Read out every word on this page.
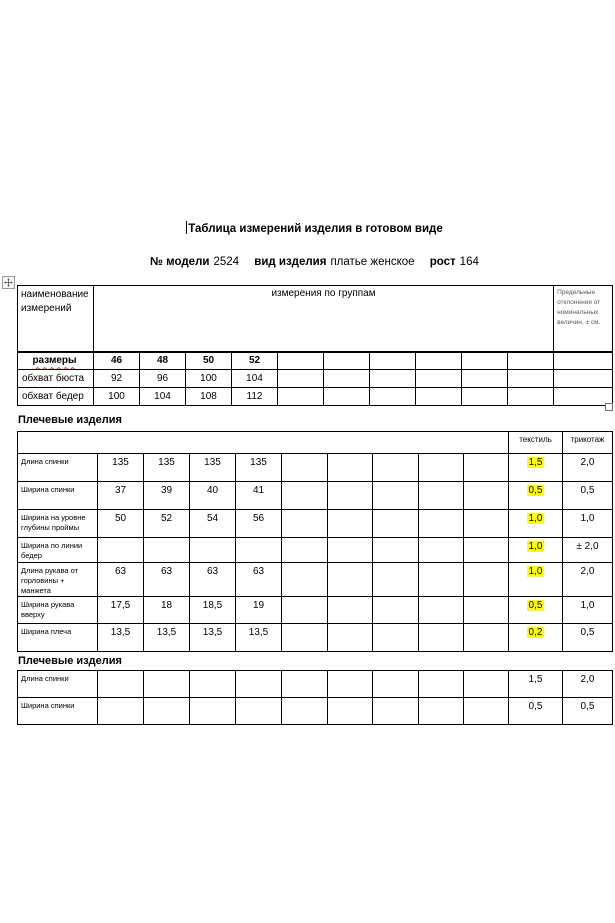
Таблица измерений изделия в готовом виде
№ модели 2524 вид изделия платье женское рост 164
наименование измерений	измерения по группам										Предельные отклонения от номинальных величин, ± см.
размеры	46	48	50	52							
обхват бюста	92	96	100	104							
обхват бедер	100	104	108	112							
Плечевые изделия
										текстиль	трикотаж
Длина спинки	135	135	135	135						1,5	2,0
Ширина спинки	37	39	40	41						0,5	0,5
Ширина на уровне глубины проймы	50	52	54	56						1,0	1,0
Ширина по линии бедер										1,0	± 2,0
Длина рукава от горловины + манжета	63	63	63	63						1,0	2,0
Ширина рукава вверху	17,5	18	18,5	19						0,5	1,0
Ширина плеча	13,5	13,5	13,5	13,5						0,2	0,5
Плечевые изделия
Длина спинки										1,5	2,0
Ширина спинки										0,5	0,5
